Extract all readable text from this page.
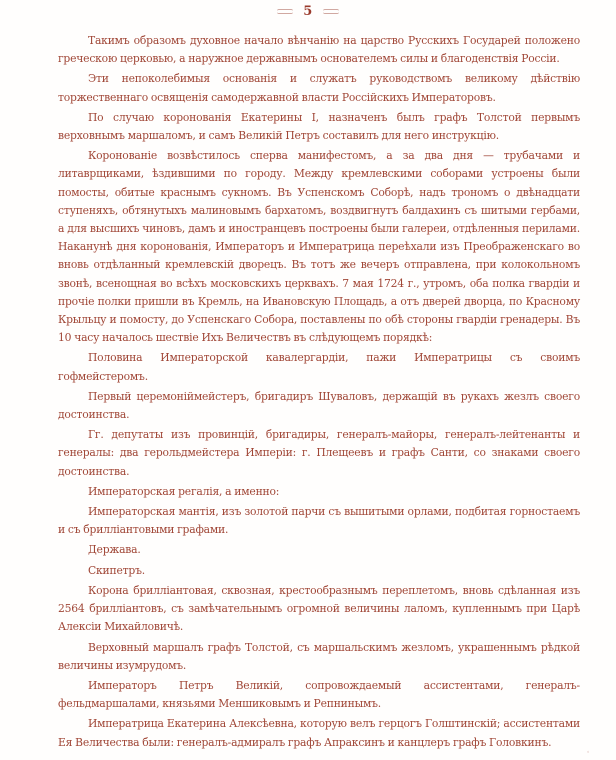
5

Такимъ образомъ духовное начало вѣнчанію на царство Русскихъ Государей положено греческою церковью, а наружное державнымъ основателемъ силы и благоденствія Россіи.

Эти непоколебимыя основанія и служатъ руководствомъ великому дѣйствію торжественнаго освященія самодержавной власти Россійскихъ Императоровъ.

По случаю коронованія Екатерины I, назначенъ былъ графъ Толстой первымъ верховнымъ маршаломъ, и самъ Великій Петръ составилъ для него инструкцію.

Коронованіе возвѣстилось сперва манифестомъ, а за два дня — трубачами и литаврщиками, ѣздившими по городу. Между кремлевскими соборами устроены были помосты, обитые краснымъ сукномъ. Въ Успенскомъ Соборѣ, надъ трономъ о двѣнадцати ступеняхъ, обтянутыхъ малиновымъ бархатомъ, воздвигнутъ балдахинъ съ шитыми гербами, а для высшихъ чиновъ, дамъ и иностранцевъ построены были галереи, отдѣленныя перилами. Наканунѣ дня коронованія, Императоръ и Императрица переѣхали изъ Преображенскаго во вновь отдѣланный кремлевскій дворецъ. Въ тотъ же вечеръ отправлена, при колокольномъ звонѣ, всенощная во всѣхъ московскихъ церквахъ. 7 мая 1724 г., утромъ, оба полка гвардіи и прочіе полки пришли въ Кремль, на Ивановскую Площадь, а отъ дверей дворца, по Красному Крыльцу и помосту, до Успенскаго Собора, поставлены по обѣ стороны гвардіи гренадеры. Въ 10 часу началось шествіе Ихъ Величествъ въ слѣдующемъ порядкѣ:

Половина Императорской кавалергардіи, пажи Императрицы съ своимъ гофмейстеромъ.

Первый церемоніймейстеръ, бригадиръ Шуваловъ, держащій въ рукахъ жезлъ своего достоинства.

Гг. депутаты изъ провинцій, бригадиры, генералъ-майоры, генералъ-лейтенанты и генералы: два герольдмейстера Имперіи: г. Плещеевъ и графъ Санти, со знаками своего достоинства.

Императорская регалія, а именно:

Императорская мантія, изъ золотой парчи съ вышитыми орлами, подбитая горностаемъ и съ брилліантовыми графами.

Держава.

Скипетръ.

Корона брилліантовая, сквозная, крестообразнымъ переплетомъ, вновь сдѣланная изъ 2564 брилліантовъ, съ замѣчательнымъ огромной величины лаломъ, купленнымъ при Царѣ Алексіи Михайловичѣ.

Верховный маршалъ графъ Толстой, съ маршальскимъ жезломъ, украшеннымъ рѣдкой величины изумрудомъ.

Императоръ Петръ Великій, сопровождаемый ассистентами, генералъ-фельдмаршалами, князьями Меншиковымъ и Репнинымъ.

Императрица Екатерина Алексѣевна, которую велъ герцогъ Голштинскій; ассистентами Ея Величества были: генералъ-адмиралъ графъ Апраксинъ и канцлеръ графъ Головкинъ.

◦
